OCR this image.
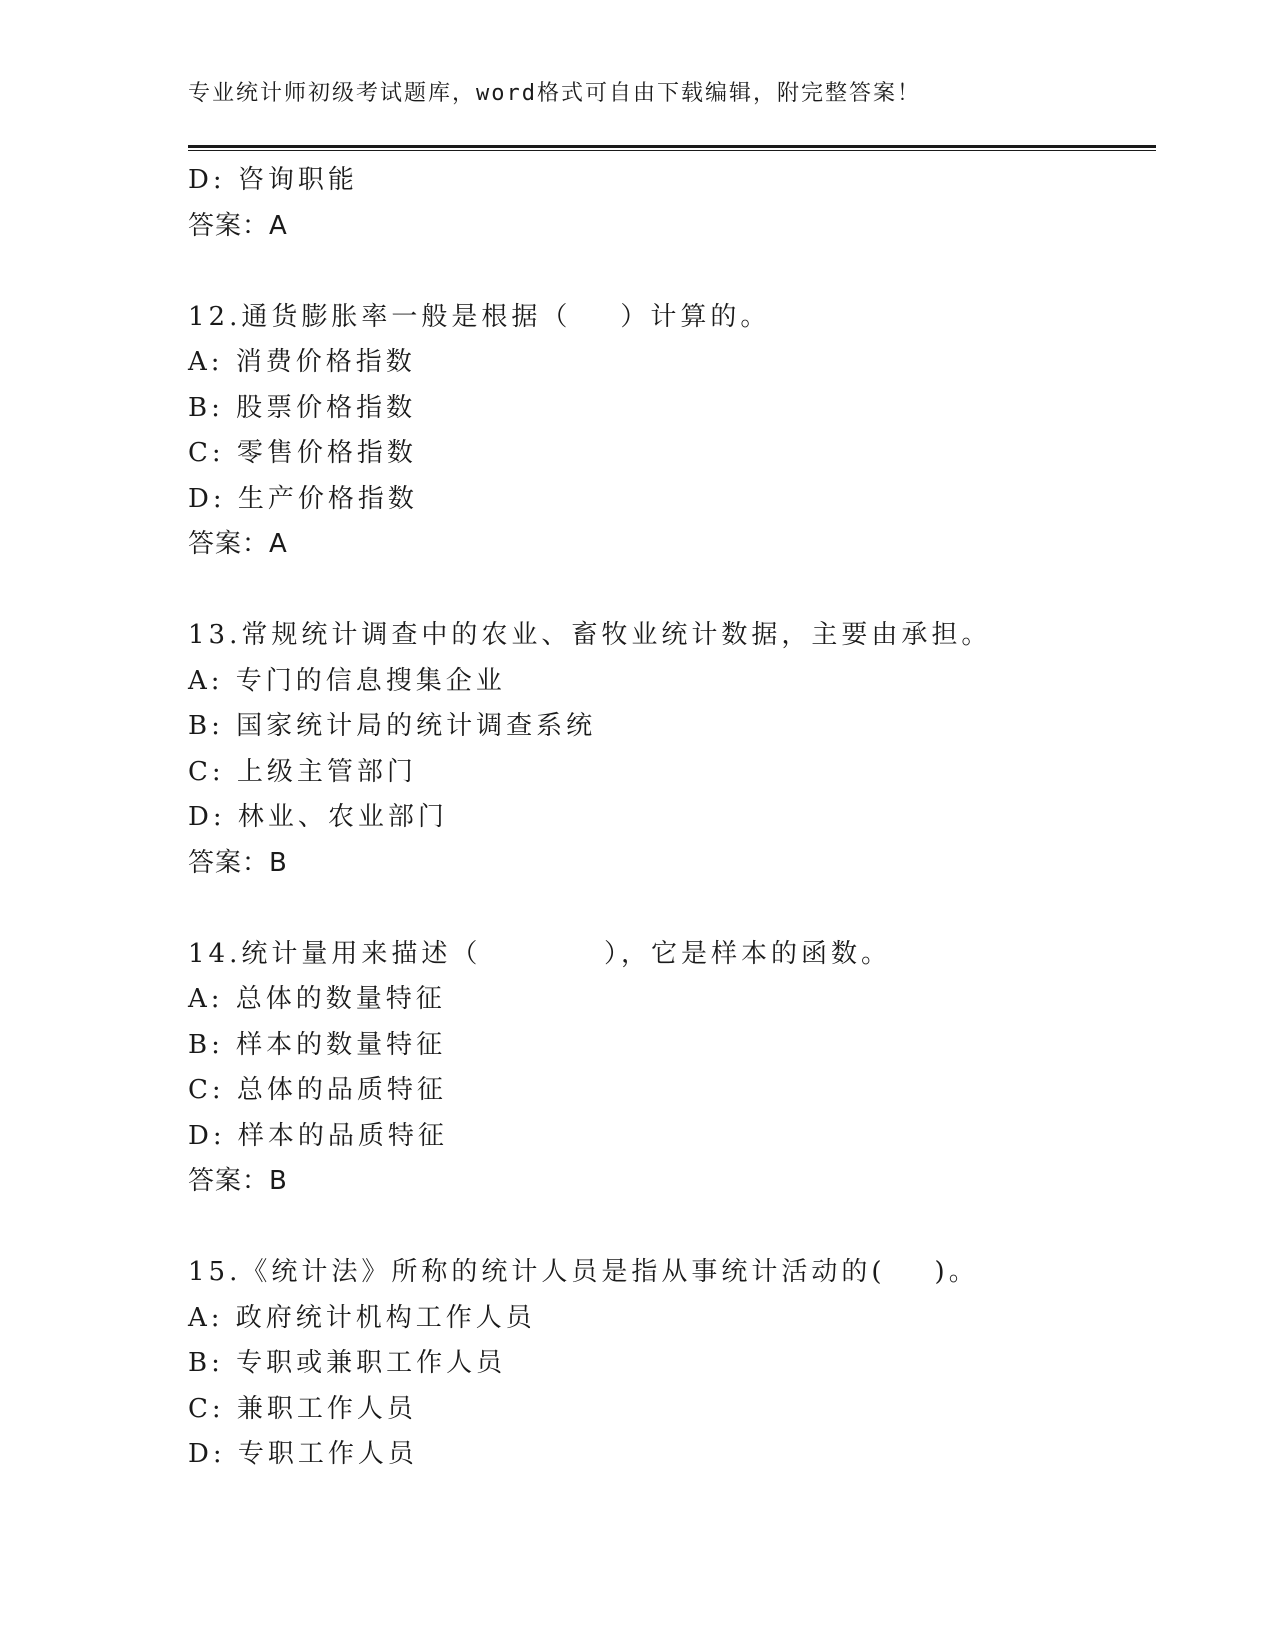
专业统计师初级考试题库，word格式可自由下载编辑，附完整答案！
D: 咨询职能
答案：A
12.通货膨胀率一般是根据（    ）计算的。
A: 消费价格指数
B: 股票价格指数
C: 零售价格指数
D: 生产价格指数
答案：A
13.常规统计调查中的农业、畜牧业统计数据，主要由承担。
A: 专门的信息搜集企业
B: 国家统计局的统计调查系统
C: 上级主管部门
D: 林业、农业部门
答案：B
14.统计量用来描述（          ），它是样本的函数。
A: 总体的数量特征
B: 样本的数量特征
C: 总体的品质特征
D: 样本的品质特征
答案：B
15.《统计法》所称的统计人员是指从事统计活动的(    )。
A: 政府统计机构工作人员
B: 专职或兼职工作人员
C: 兼职工作人员
D: 专职工作人员
